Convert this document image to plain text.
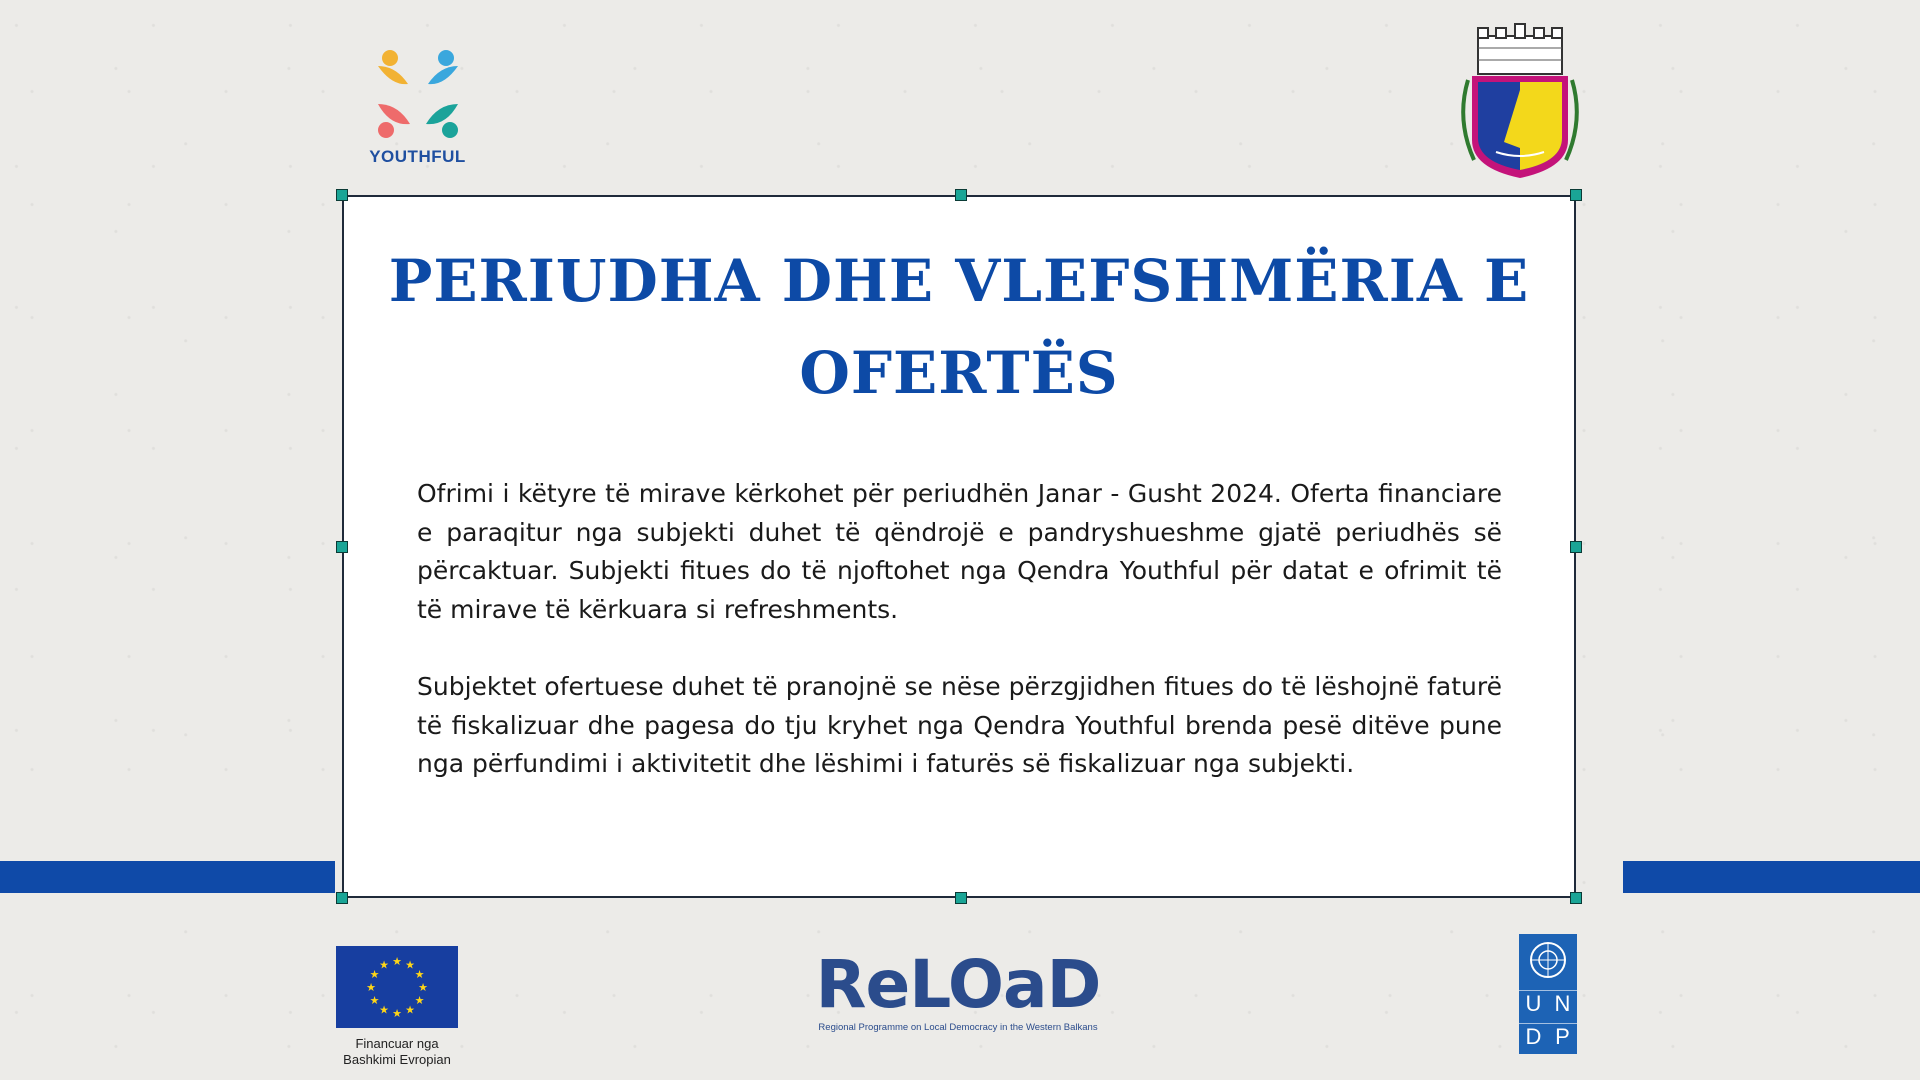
YOUTHFUL
PERIUDHA DHE VLEFSHMËRIA E OFERTËS

Ofrimi i këtyre të mirave kërkohet për periudhën Janar - Gusht 2024. Oferta financiare e paraqitur nga subjekti duhet të qëndrojë e pandryshueshme gjatë periudhës së përcaktuar. Subjekti fitues do të njoftohet nga Qendra Youthful për datat e ofrimit të të mirave të kërkuara si refreshments.

Subjektet ofertuese duhet të pranojnë se nëse përzgjidhen fitues do të lëshojnë faturë të fiskalizuar dhe pagesa do tju kryhet nga Qendra Youthful brenda pesë ditëve pune nga përfundimi i aktivitetit dhe lëshimi i faturës së fiskalizuar nga subjekti.

★ ★
★
★
★
★
★
★
★
★
★
★
Financuar nga
Bashkimi Evropian
ReLOaD
Regional Programme on Local Democracy in the Western Balkans
U N
D P
